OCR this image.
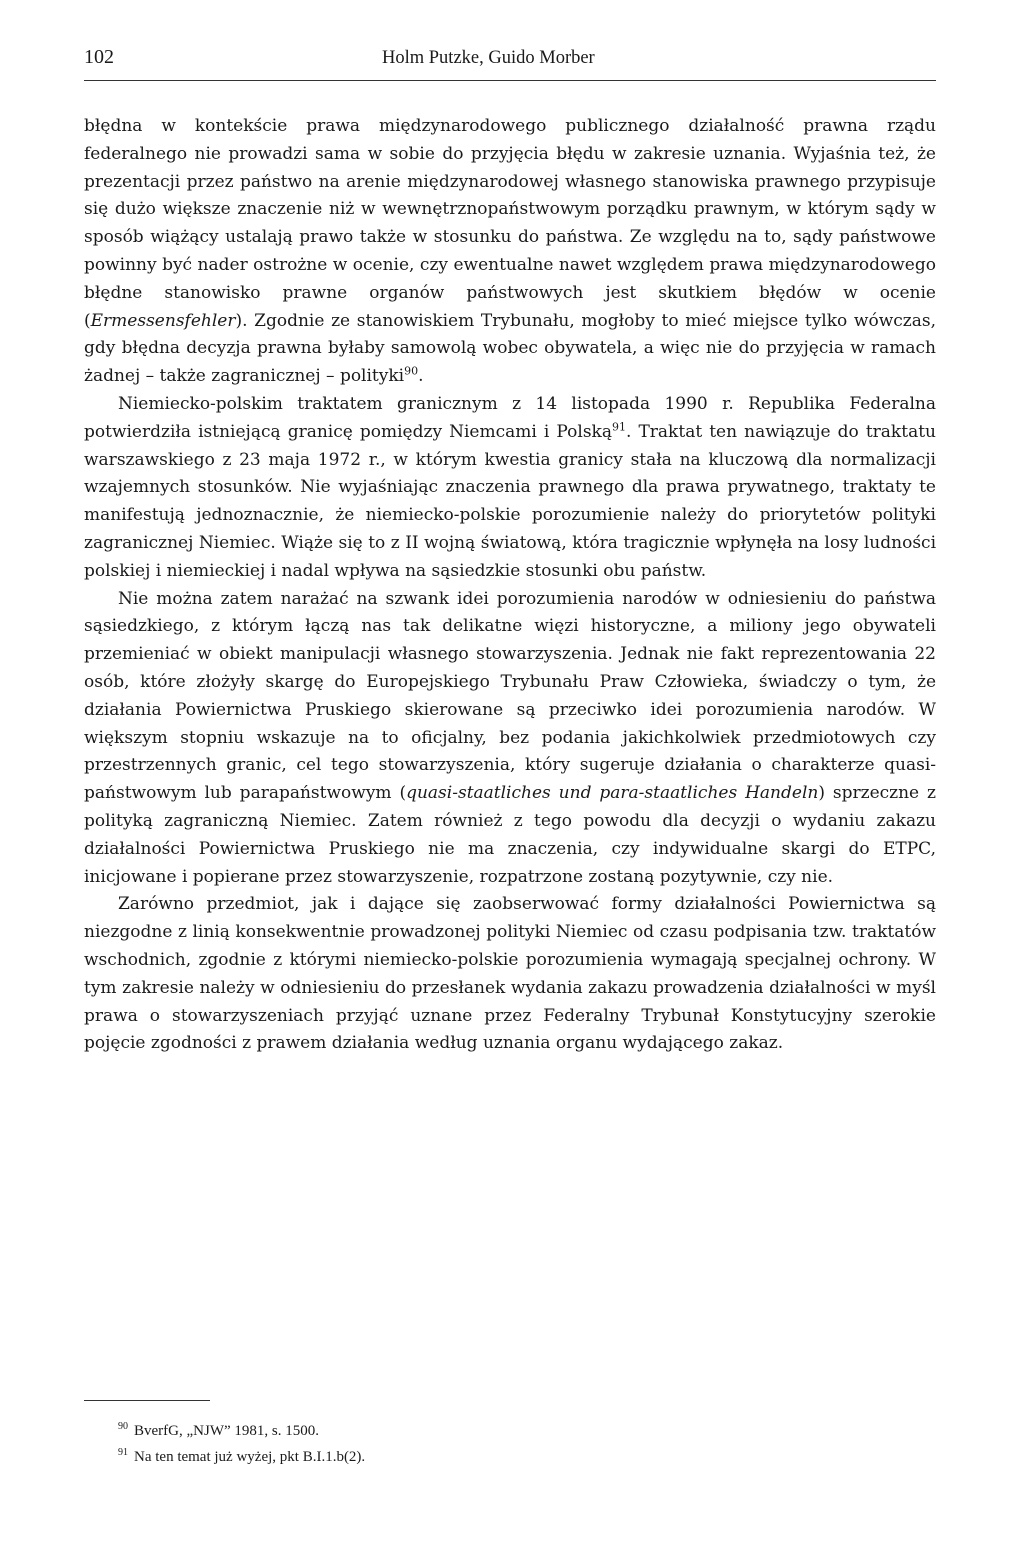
102	Holm Putzke, Guido Morber

błędna w kontekście prawa międzynarodowego publicznego działalność prawna rządu federalnego nie prowadzi sama w sobie do przyjęcia błędu w zakresie uznania. Wyjaśnia też, że prezentacji przez państwo na arenie międzynarodowej własnego stanowiska prawnego przypisuje się dużo większe znaczenie niż w wewnętrznopaństwowym porządku prawnym, w którym sądy w sposób wiążący ustalają prawo także w stosunku do państwa. Ze względu na to, sądy państwowe powinny być nader ostrożne w ocenie, czy ewentualne nawet względem prawa międzynarodowego błędne stanowisko prawne organów państwowych jest skutkiem błędów w ocenie (Ermessensfehler). Zgodnie ze stanowiskiem Trybunału, mogłoby to mieć miejsce tylko wówczas, gdy błędna decyzja prawna byłaby samowolą wobec obywatela, a więc nie do przyjęcia w ramach żadnej – także zagranicznej – polityki$^{90}$.

Niemiecko-polskim traktatem granicznym z 14 listopada 1990 r. Republika Federalna potwierdziła istniejącą granicę pomiędzy Niemcami i Polską$^{91}$. Traktat ten nawiązuje do traktatu warszawskiego z 23 maja 1972 r., w którym kwestia granicy stała na kluczową dla normalizacji wzajemnych stosunków. Nie wyjaśniając znaczenia prawnego dla prawa prywatnego, traktaty te manifestują jednoznacznie, że niemiecko-polskie porozumienie należy do priorytetów polityki zagranicznej Niemiec. Wiąże się to z II wojną światową, która tragicznie wpłynęła na losy ludności polskiej i niemieckiej i nadal wpływa na sąsiedzkie stosunki obu państw.

Nie można zatem narażać na szwank idei porozumienia narodów w odniesieniu do państwa sąsiedzkiego, z którym łączą nas tak delikatne więzi historyczne, a miliony jego obywateli przemieniać w obiekt manipulacji własnego stowarzyszenia. Jednak nie fakt reprezentowania 22 osób, które złożyły skargę do Europejskiego Trybunału Praw Człowieka, świadczy o tym, że działania Powiernictwa Pruskiego skierowane są przeciwko idei porozumienia narodów. W większym stopniu wskazuje na to oficjalny, bez podania jakichkolwiek przedmiotowych czy przestrzennych granic, cel tego stowarzyszenia, który sugeruje działania o charakterze quasi-państwowym lub parapaństwowym (quasi-staatliches und para-staatliches Handeln) sprzeczne z polityką zagraniczną Niemiec. Zatem również z tego powodu dla decyzji o wydaniu zakazu działalności Powiernictwa Pruskiego nie ma znaczenia, czy indywidualne skargi do ETPC, inicjowane i popierane przez stowarzyszenie, rozpatrzone zostaną pozytywnie, czy nie.

Zarówno przedmiot, jak i dające się zaobserwować formy działalności Powiernictwa są niezgodne z linią konsekwentnie prowadzonej polityki Niemiec od czasu podpisania tzw. traktatów wschodnich, zgodnie z którymi niemiecko-polskie porozumienia wymagają specjalnej ochrony. W tym zakresie należy w odniesieniu do przesłanek wydania zakazu prowadzenia działalności w myśl prawa o stowarzyszeniach przyjąć uznane przez Federalny Trybunał Konstytucyjny szerokie pojęcie zgodności z prawem działania według uznania organu wydającego zakaz.

$^{90}$ BverfG, „NJW” 1981, s. 1500.
$^{91}$ Na ten temat już wyżej, pkt B.I.1.b(2).
